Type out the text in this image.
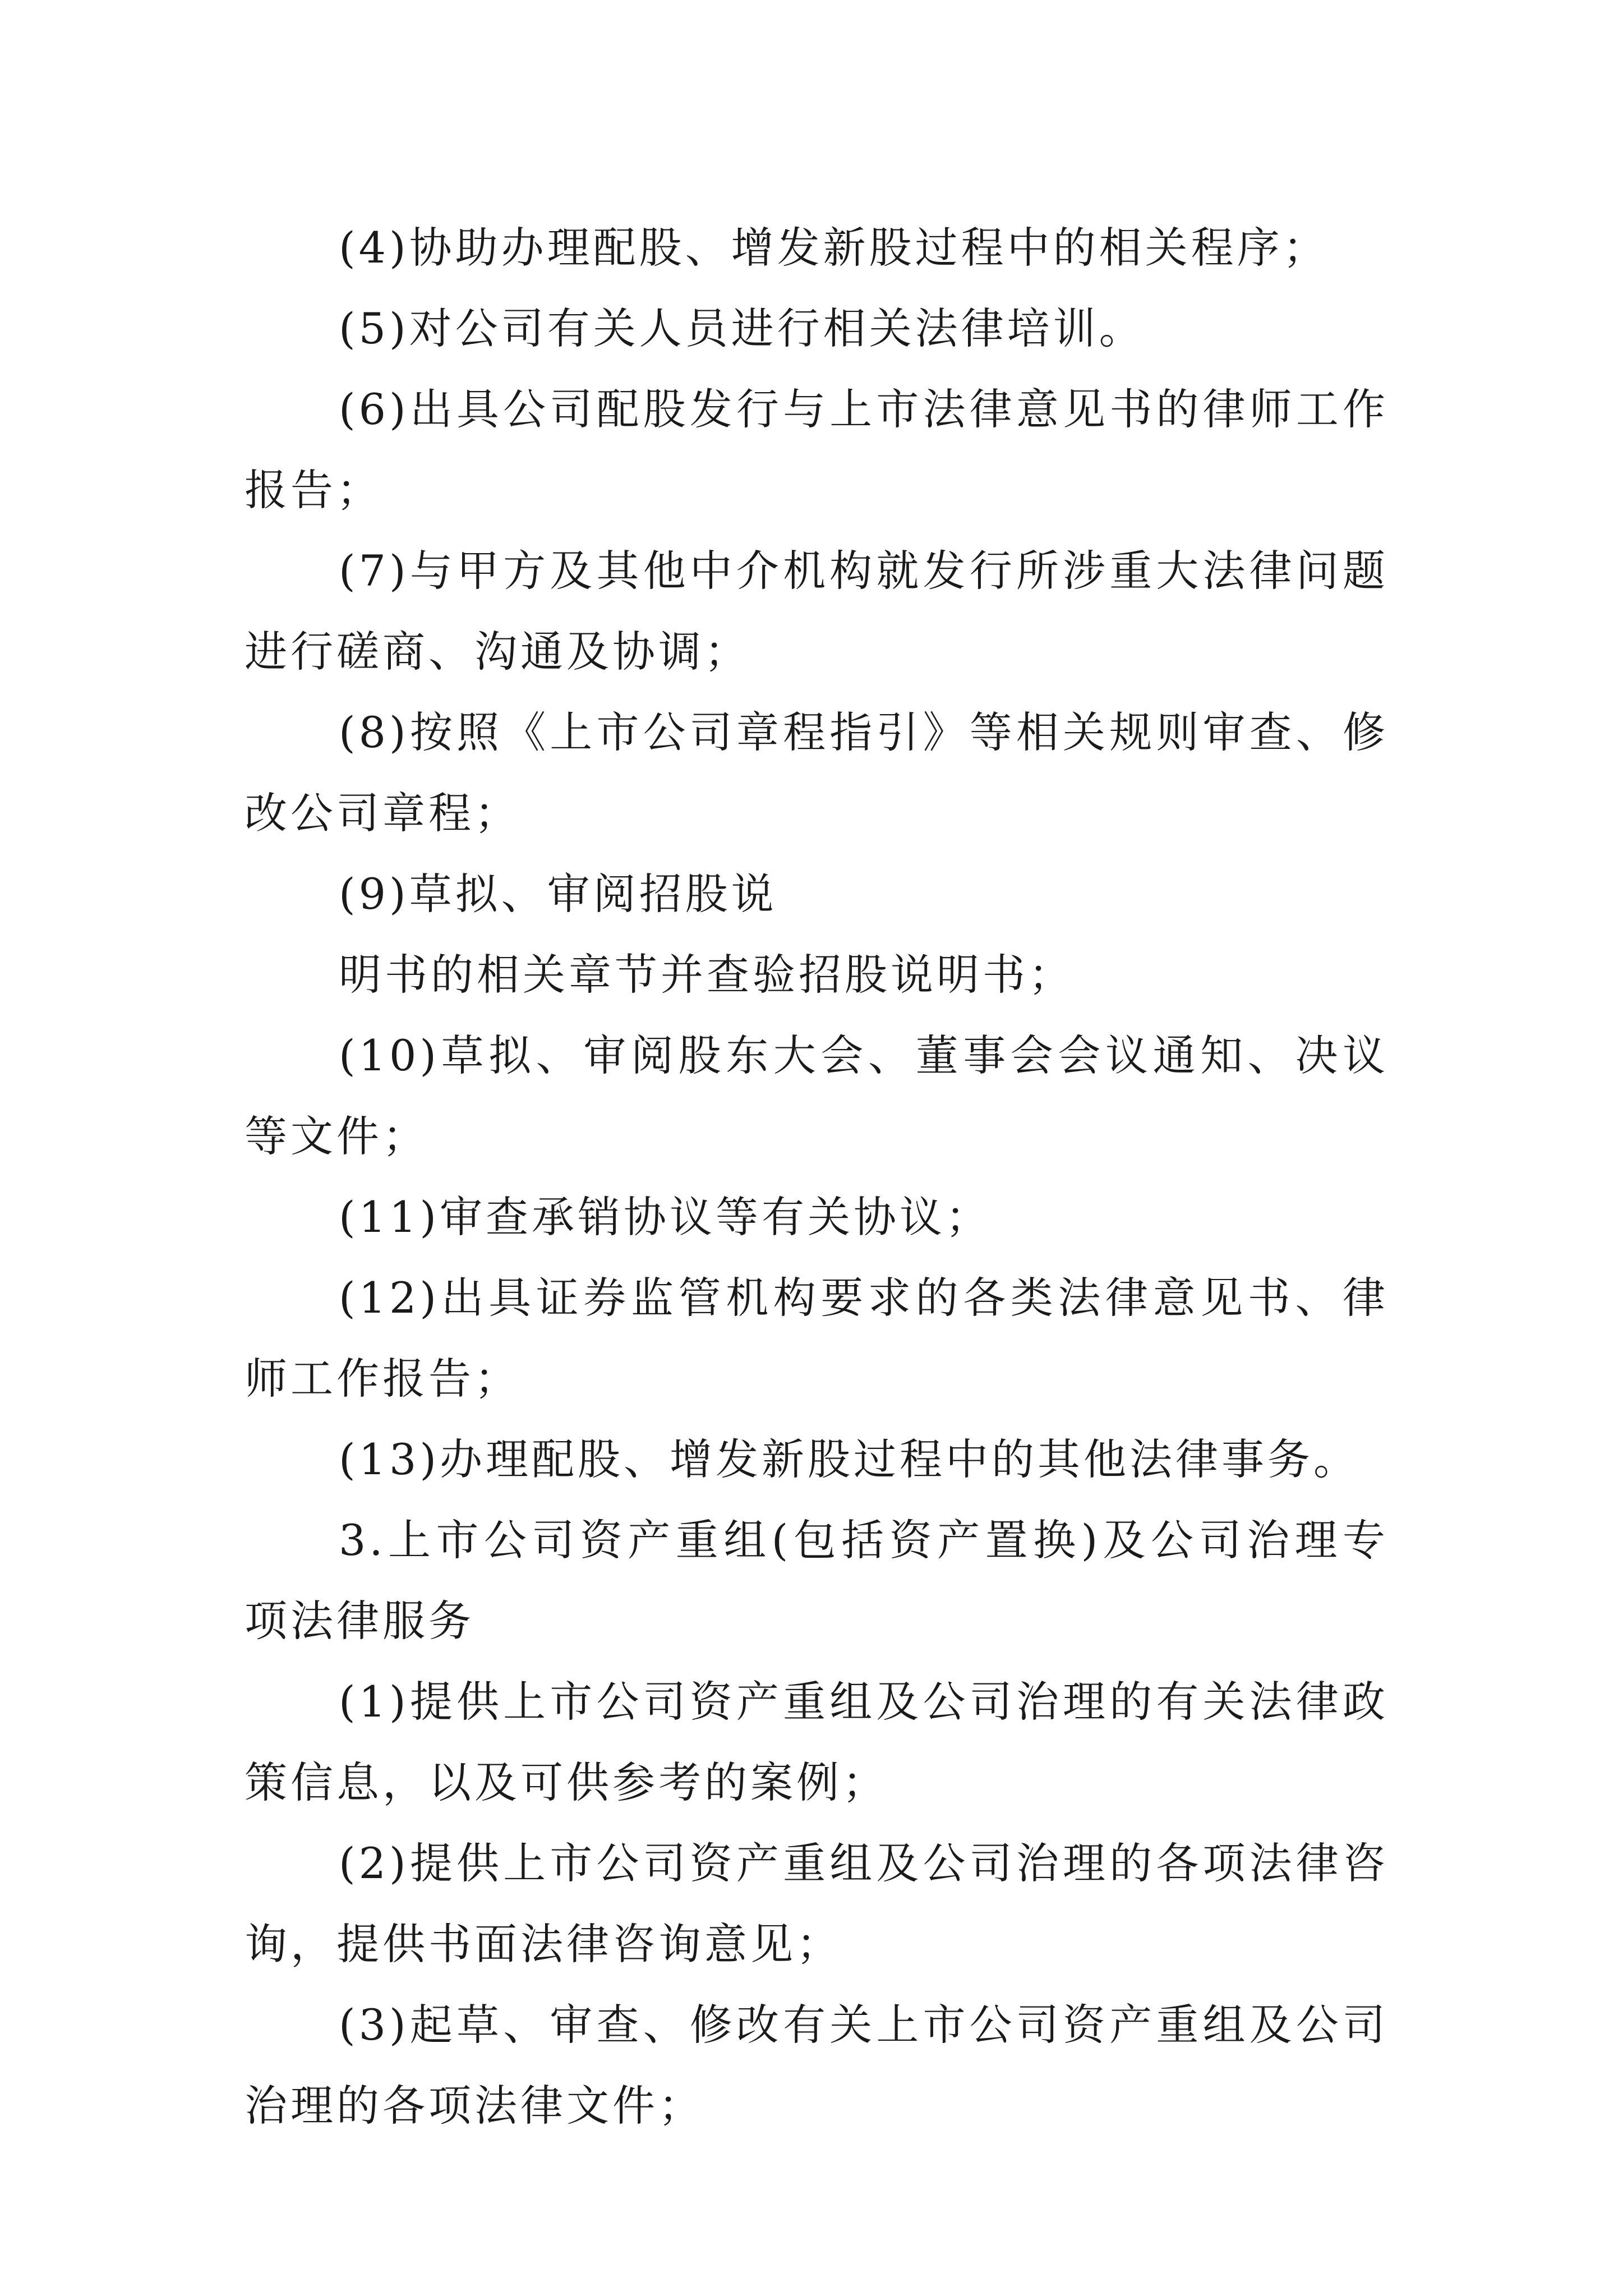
(4)协助办理配股、增发新股过程中的相关程序；

(5)对公司有关人员进行相关法律培训。

(6)出具公司配股发行与上市法律意见书的律师工作报告；

(7)与甲方及其他中介机构就发行所涉重大法律问题进行磋商、沟通及协调；

(8)按照《上市公司章程指引》等相关规则审查、修改公司章程；

(9)草拟、审阅招股说

明书的相关章节并查验招股说明书；

(10)草拟、审阅股东大会、董事会会议通知、决议等文件；

(11)审查承销协议等有关协议；

(12)出具证券监管机构要求的各类法律意见书、律师工作报告；

(13)办理配股、增发新股过程中的其他法律事务。

3.上市公司资产重组(包括资产置换)及公司治理专项法律服务

(1)提供上市公司资产重组及公司治理的有关法律政策信息，以及可供参考的案例；

(2)提供上市公司资产重组及公司治理的各项法律咨询，提供书面法律咨询意见；

(3)起草、审查、修改有关上市公司资产重组及公司治理的各项法律文件；
